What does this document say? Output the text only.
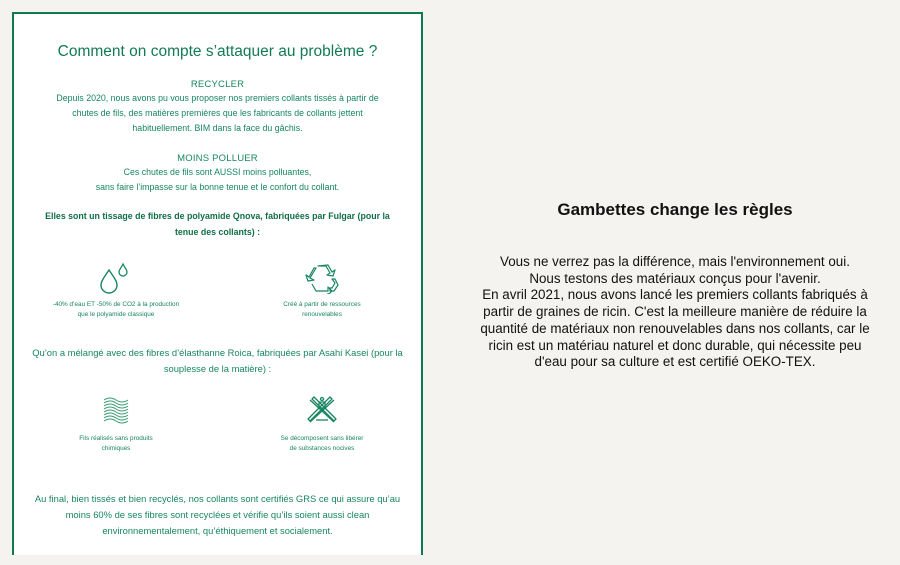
Comment on compte s’attaquer au problème ?
RECYCLER
Depuis 2020, nous avons pu vous proposer nos premiers collants tissés à partir de
chutes de fils, des matières premières que les fabricants de collants jettent
habituellement. BIM dans la face du gâchis.
MOINS POLLUER
Ces chutes de fils sont AUSSI moins polluantes,
sans faire l’impasse sur la bonne tenue et le confort du collant.
Elles sont un tissage de fibres de polyamide Qnova, fabriquées par Fulgar (pour la
tenue des collants) :
-40% d’eau ET -50% de CO2 à la production
que le polyamide classique
Créé à partir de ressources
renouvelables
Qu’on a mélangé avec des fibres d’élasthanne Roica, fabriquées par Asahi Kasei (pour la
souplesse de la matière) :
Fils réalisés sans produits
chimiques
Se décomposent sans libérer
de substances nocives
Au final, bien tissés et bien recyclés, nos collants sont certifiés GRS ce qui assure qu’au
moins 60% de ses fibres sont recyclées et vérifie qu’ils soient aussi clean
environnementalement, qu’éthiquement et socialement.
Gambettes change les règles
Vous ne verrez pas la différence, mais l'environnement oui.
Nous testons des matériaux conçus pour l'avenir.
En avril 2021, nous avons lancé les premiers collants fabriqués à
partir de graines de ricin. C'est la meilleure manière de réduire la
quantité de matériaux non renouvelables dans nos collants, car le
ricin est un matériau naturel et donc durable, qui nécessite peu
d'eau pour sa culture et est certifié OEKO-TEX.
